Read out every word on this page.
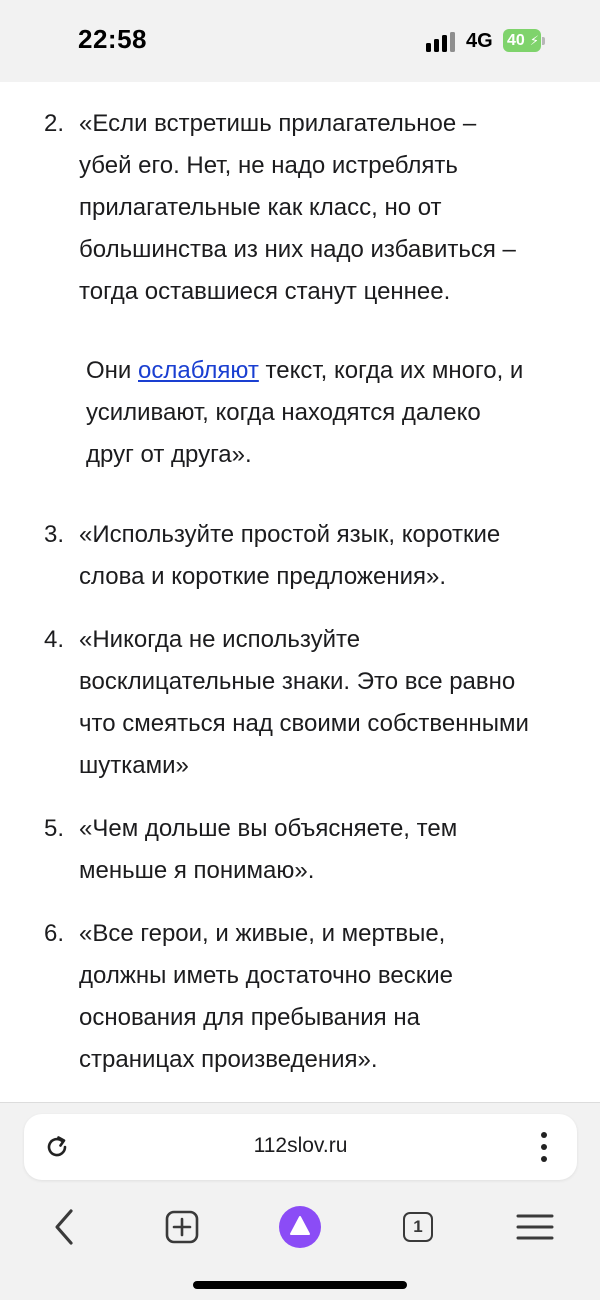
22:58	4G 40 ⚡
2. «Если встретишь прилагательное –
убей его. Нет, не надо истреблять
прилагательные как класс, но от
большинства из них надо избавиться –
тогда оставшиеся станут ценнее.
Они ослабляют текст, когда их много, и
усиливают, когда находятся далеко
друг от друга».
3. «Используйте простой язык, короткие
слова и короткие предложения».
4. «Никогда не используйте
восклицательные знаки. Это все равно
что смеяться над своими собственными
шутками»
5. «Чем дольше вы объясняете, тем
меньше я понимаю».
6. «Все герои, и живые, и мертвые,
должны иметь достаточно веские
основания для пребывания на
страницах произведения».
112slov.ru
1
